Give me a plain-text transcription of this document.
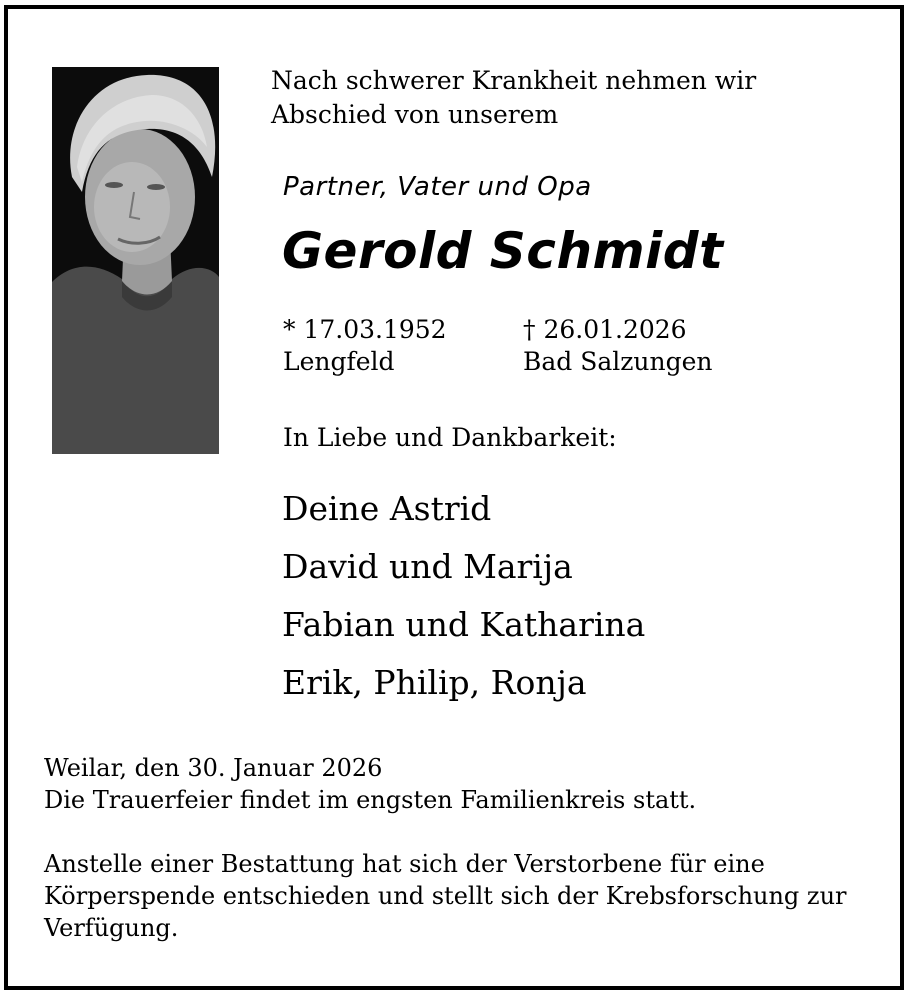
Nach schwerer Krankheit nehmen wir Abschied von unserem
Partner, Vater und Opa
Gerold Schmidt
* 17.03.1952
Lengfeld
† 26.01.2026
Bad Salzungen
In Liebe und Dankbarkeit:
Deine Astrid
David und Marija
Fabian und Katharina
Erik, Philip, Ronja

Weilar, den 30. Januar 2026

Die Trauerfeier findet im engsten Familienkreis statt.

Anstelle einer Bestattung hat sich der Verstorbene für eine Körperspende entschieden und stellt sich der Krebsforschung zur Verfügung.
